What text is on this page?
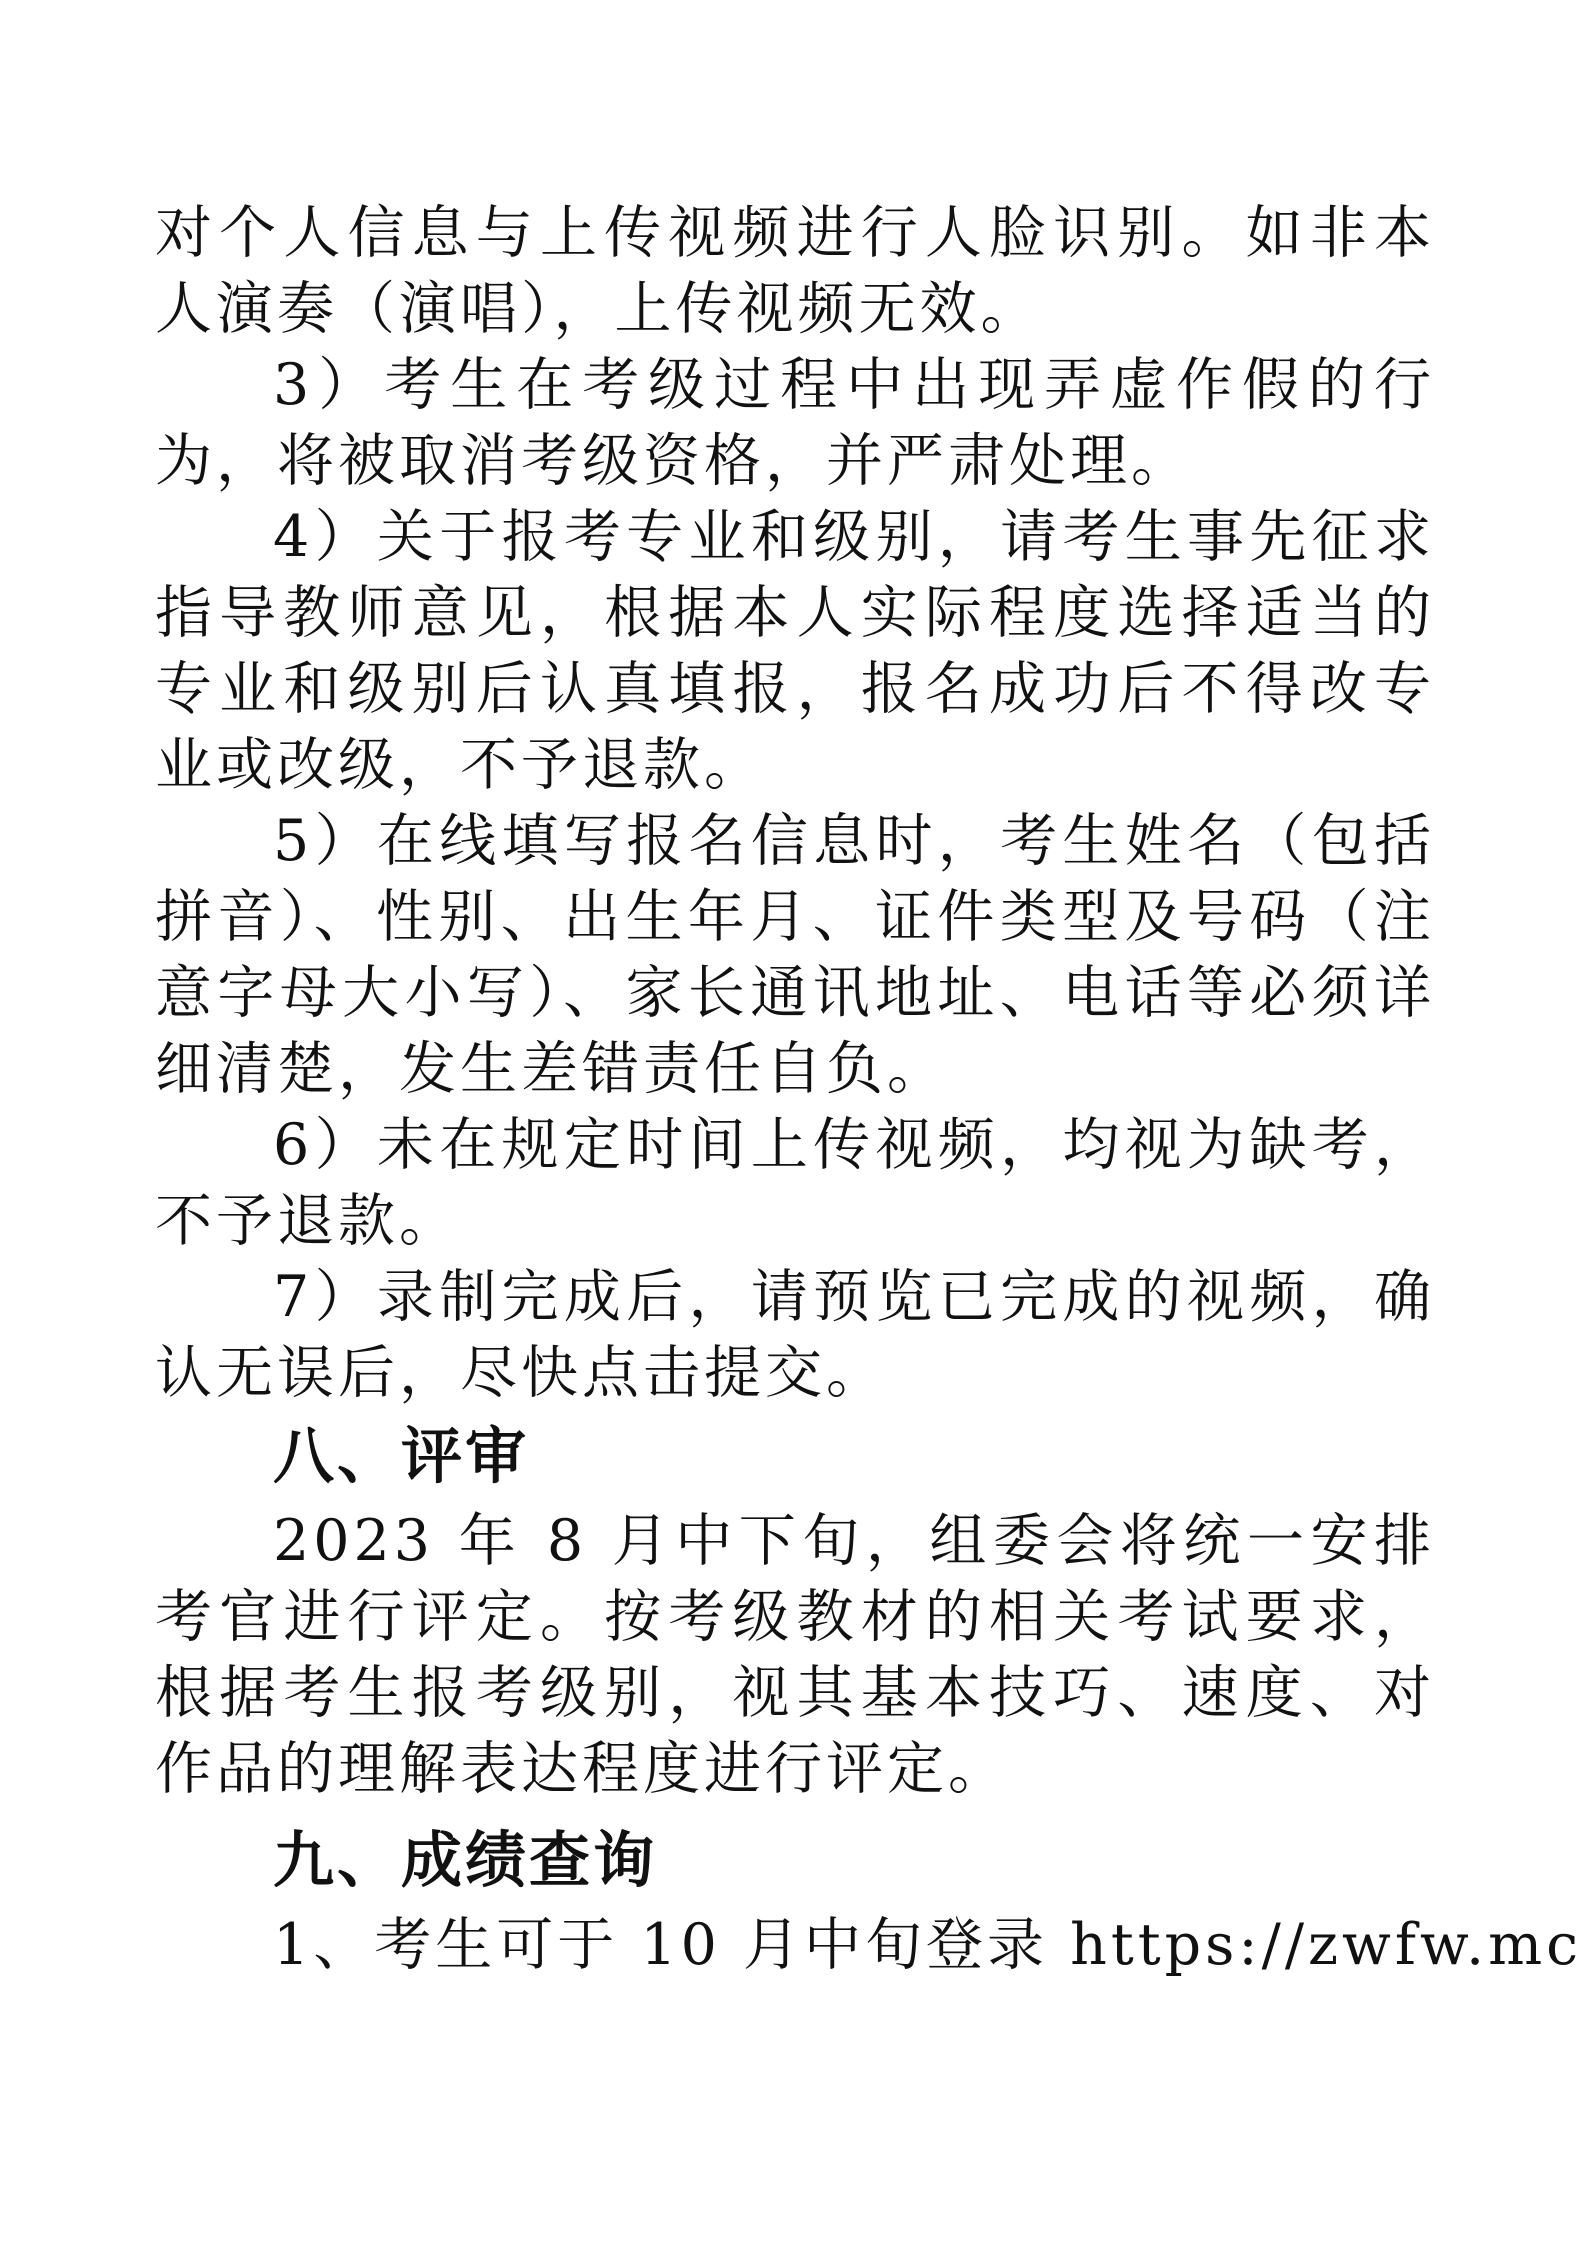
对个人信息与上传视频进行人脸识别。如非本人演奏（演唱），上传视频无效。

3）考生在考级过程中出现弄虚作假的行为，将被取消考级资格，并严肃处理。

4）关于报考专业和级别，请考生事先征求指导教师意见，根据本人实际程度选择适当的专业和级别后认真填报，报名成功后不得改专业或改级，不予退款。

5）在线填写报名信息时，考生姓名（包括拼音）、性别、出生年月、证件类型及号码（注意字母大小写）、家长通讯地址、电话等必须详细清楚，发生差错责任自负。

6）未在规定时间上传视频，均视为缺考，不予退款。

7）录制完成后，请预览已完成的视频，确认无误后，尽快点击提交。

八、评审

2023 年 8 月中下旬，组委会将统一安排考官进行评定。按考级教材的相关考试要求，根据考生报考级别，视其基本技巧、速度、对作品的理解表达程度进行评定。

九、成绩查询

1、考生可于 10 月中旬登录 https://zwfw.mc
